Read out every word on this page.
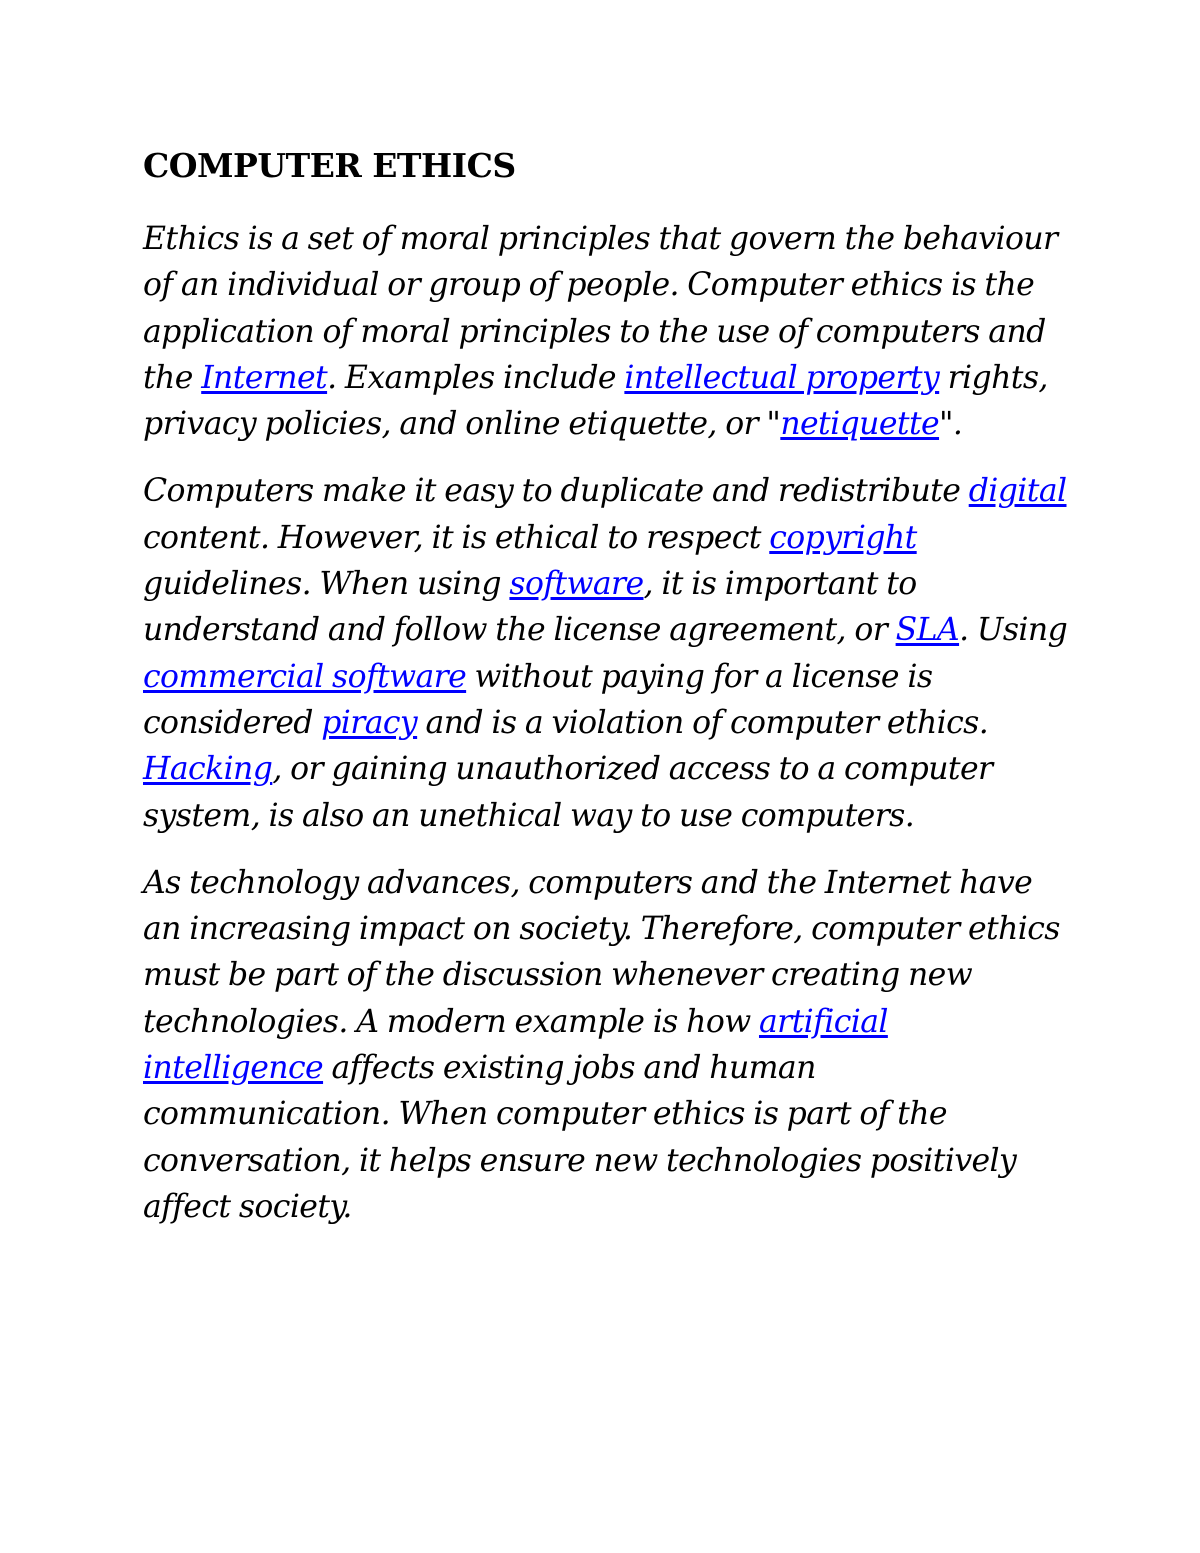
COMPUTER ETHICS

Ethics is a set of moral principles that govern the behaviour of an individual or group of people. Computer ethics is the application of moral principles to the use of computers and the Internet. Examples include intellectual property rights, privacy policies, and online etiquette, or "netiquette".

Computers make it easy to duplicate and redistribute digital content. However, it is ethical to respect copyright guidelines. When using software, it is important to understand and follow the license agreement, or SLA. Using commercial software without paying for a license is considered piracy and is a violation of computer ethics. Hacking, or gaining unauthorized access to a computer system, is also an unethical way to use computers.

As technology advances, computers and the Internet have an increasing impact on society. Therefore, computer ethics must be part of the discussion whenever creating new technologies. A modern example is how artificial intelligence affects existing jobs and human communication. When computer ethics is part of the conversation, it helps ensure new technologies positively affect society.
